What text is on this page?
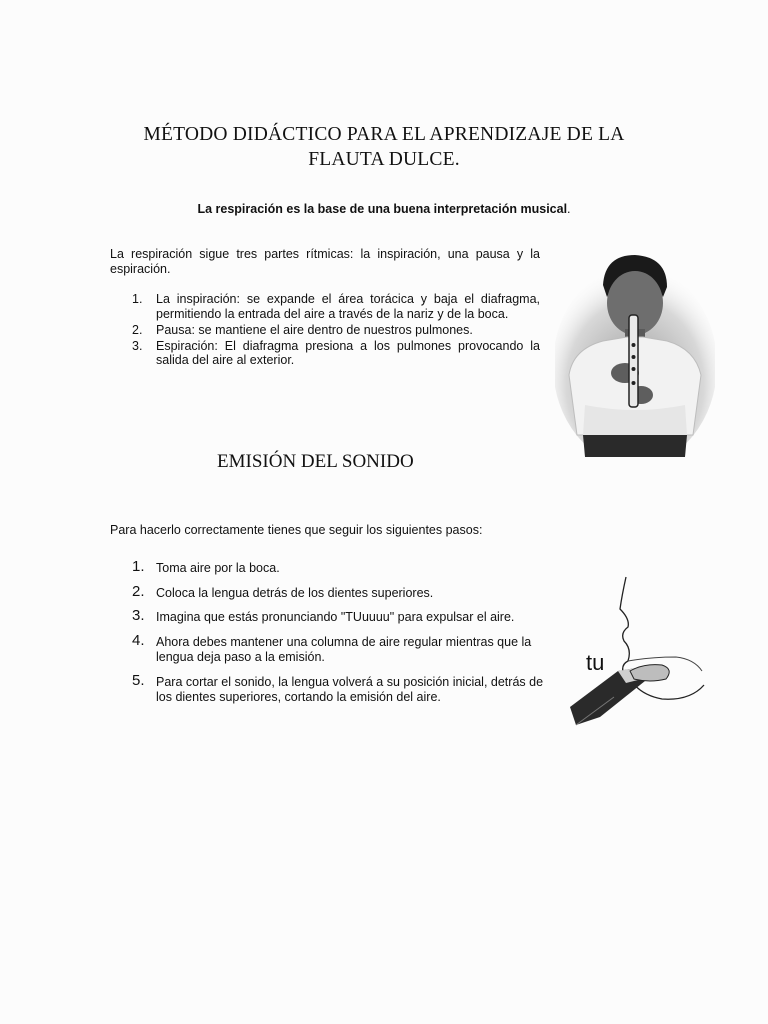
MÉTODO DIDÁCTICO PARA EL APRENDIZAJE DE LA
FLAUTA DULCE.
La respiración es la base de una buena interpretación musical.
La respiración sigue tres partes rítmicas: la inspiración, una pausa y la espiración.
1. La inspiración: se expande el área torácica y baja el diafragma, permitiendo la entrada del aire a través de la nariz y de la boca.
2. Pausa: se mantiene el aire dentro de nuestros pulmones.
3. Espiración: El diafragma presiona a los pulmones provocando la salida del aire al exterior.
EMISIÓN DEL SONIDO
Para hacerlo correctamente tienes que seguir los siguientes pasos:
1. Toma aire por la boca.
2. Coloca la lengua detrás de los dientes superiores.
3. Imagina que estás pronunciando "TUuuuu" para expulsar el aire.
4. Ahora debes mantener una columna de aire regular mientras que la lengua deja paso a la emisión.
5. Para cortar el sonido, la lengua volverá a su posición inicial, detrás de los dientes superiores, cortando la emisión del aire.
tu
